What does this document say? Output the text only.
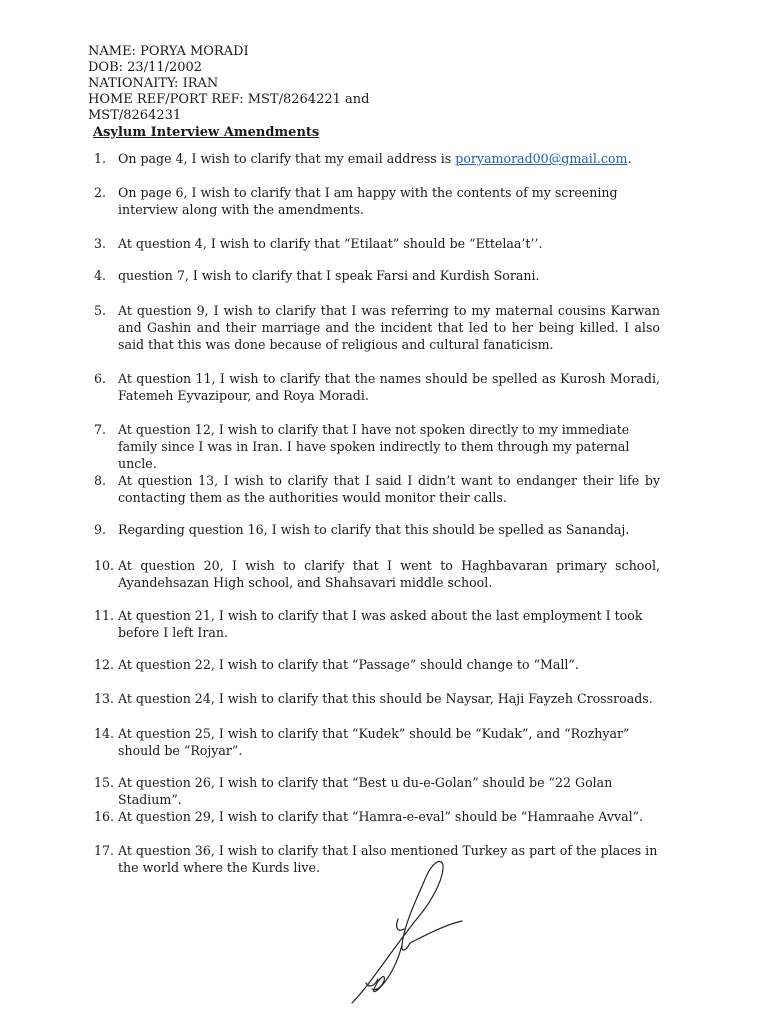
NAME: PORYA MORADI
DOB: 23/11/2002
NATIONAITY: IRAN
HOME REF/PORT REF: MST/8264221 and
MST/8264231
Asylum Interview Amendments
1. On page 4, I wish to clarify that my email address is poryamorad00@gmail.com.
2. On page 6, I wish to clarify that I am happy with the contents of my screening interview along with the amendments.
3. At question 4, I wish to clarify that “Etilaat” should be “Ettelaa’t’’.
4. question 7, I wish to clarify that I speak Farsi and Kurdish Sorani.
5. At question 9, I wish to clarify that I was referring to my maternal cousins Karwan and Gashin and their marriage and the incident that led to her being killed. I also said that this was done because of religious and cultural fanaticism.
6. At question 11, I wish to clarify that the names should be spelled as Kurosh Moradi, Fatemeh Eyvazipour, and Roya Moradi.
7. At question 12, I wish to clarify that I have not spoken directly to my immediate family since I was in Iran. I have spoken indirectly to them through my paternal uncle.
8. At question 13, I wish to clarify that I said I didn’t want to endanger their life by contacting them as the authorities would monitor their calls.
9. Regarding question 16, I wish to clarify that this should be spelled as Sanandaj.
10. At question 20, I wish to clarify that I went to Haghbavaran primary school, Ayandehsazan High school, and Shahsavari middle school.
11. At question 21, I wish to clarify that I was asked about the last employment I took before I left Iran.
12. At question 22, I wish to clarify that “Passage” should change to “Mall”.
13. At question 24, I wish to clarify that this should be Naysar, Haji Fayzeh Crossroads.
14. At question 25, I wish to clarify that “Kudek” should be “Kudak”, and “Rozhyar” should be “Rojyar”.
15. At question 26, I wish to clarify that “Best u du-e-Golan” should be “22 Golan Stadium”.
16. At question 29, I wish to clarify that “Hamra-e-eval” should be “Hamraahe Avval”.
17. At question 36, I wish to clarify that I also mentioned Turkey as part of the places in the world where the Kurds live.
